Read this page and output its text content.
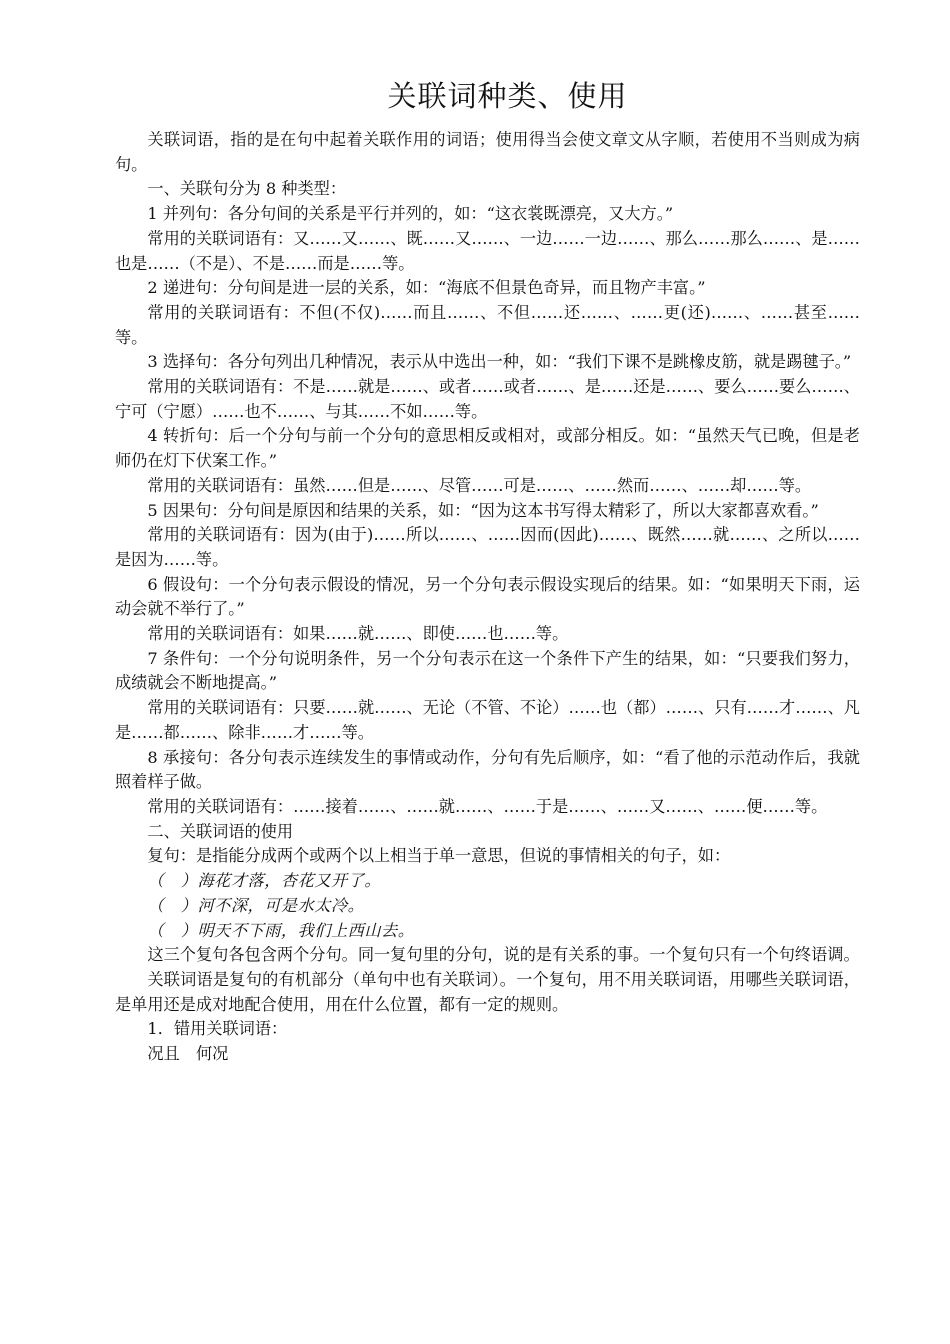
关联词种类、使用

关联词语，指的是在句中起着关联作用的词语；使用得当会使文章文从字顺，若使用不当则成为病句。

一、关联句分为 8 种类型：

1 并列句：各分句间的关系是平行并列的，如：“这衣裳既漂亮，又大方。”

常用的关联词语有：又……又……、既……又……、一边……一边……、那么……那么……、是……也是……（不是）、不是……而是……等。

2 递进句：分句间是进一层的关系，如：“海底不但景色奇异，而且物产丰富。”

常用的关联词语有：不但(不仅)……而且……、不但……还……、……更(还)……、……甚至……等。

3 选择句：各分句列出几种情况，表示从中选出一种，如：“我们下课不是跳橡皮筋，就是踢毽子。”

常用的关联词语有：不是……就是……、或者……或者……、是……还是……、要么……要么……、宁可（宁愿）……也不……、与其……不如……等。

4 转折句：后一个分句与前一个分句的意思相反或相对，或部分相反。如：“虽然天气已晚，但是老师仍在灯下伏案工作。”

常用的关联词语有：虽然……但是……、尽管……可是……、……然而……、……却……等。

5 因果句：分句间是原因和结果的关系，如：“因为这本书写得太精彩了，所以大家都喜欢看。”

常用的关联词语有：因为(由于)……所以……、……因而(因此)……、既然……就……、之所以……是因为……等。

6 假设句：一个分句表示假设的情况，另一个分句表示假设实现后的结果。如：“如果明天下雨，运动会就不举行了。”

常用的关联词语有：如果……就……、即使……也……等。

7 条件句：一个分句说明条件，另一个分句表示在这一个条件下产生的结果，如：“只要我们努力，成绩就会不断地提高。”

常用的关联词语有：只要……就……、无论（不管、不论）……也（都）……、只有……才……、凡是……都……、除非……才……等。

8 承接句：各分句表示连续发生的事情或动作，分句有先后顺序，如：“看了他的示范动作后，我就照着样子做。

常用的关联词语有：……接着……、……就……、……于是……、……又……、……便……等。

二、关联词语的使用

复句：是指能分成两个或两个以上相当于单一意思，但说的事情相关的句子，如：

（　）海花才落，杏花又开了。

（　）河不深，可是水太冷。

（　）明天不下雨，我们上西山去。

这三个复句各包含两个分句。同一复句里的分句，说的是有关系的事。一个复句只有一个句终语调。

关联词语是复句的有机部分（单句中也有关联词）。一个复句，用不用关联词语，用哪些关联词语，是单用还是成对地配合使用，用在什么位置，都有一定的规则。

1．错用关联词语：

况且　何况
